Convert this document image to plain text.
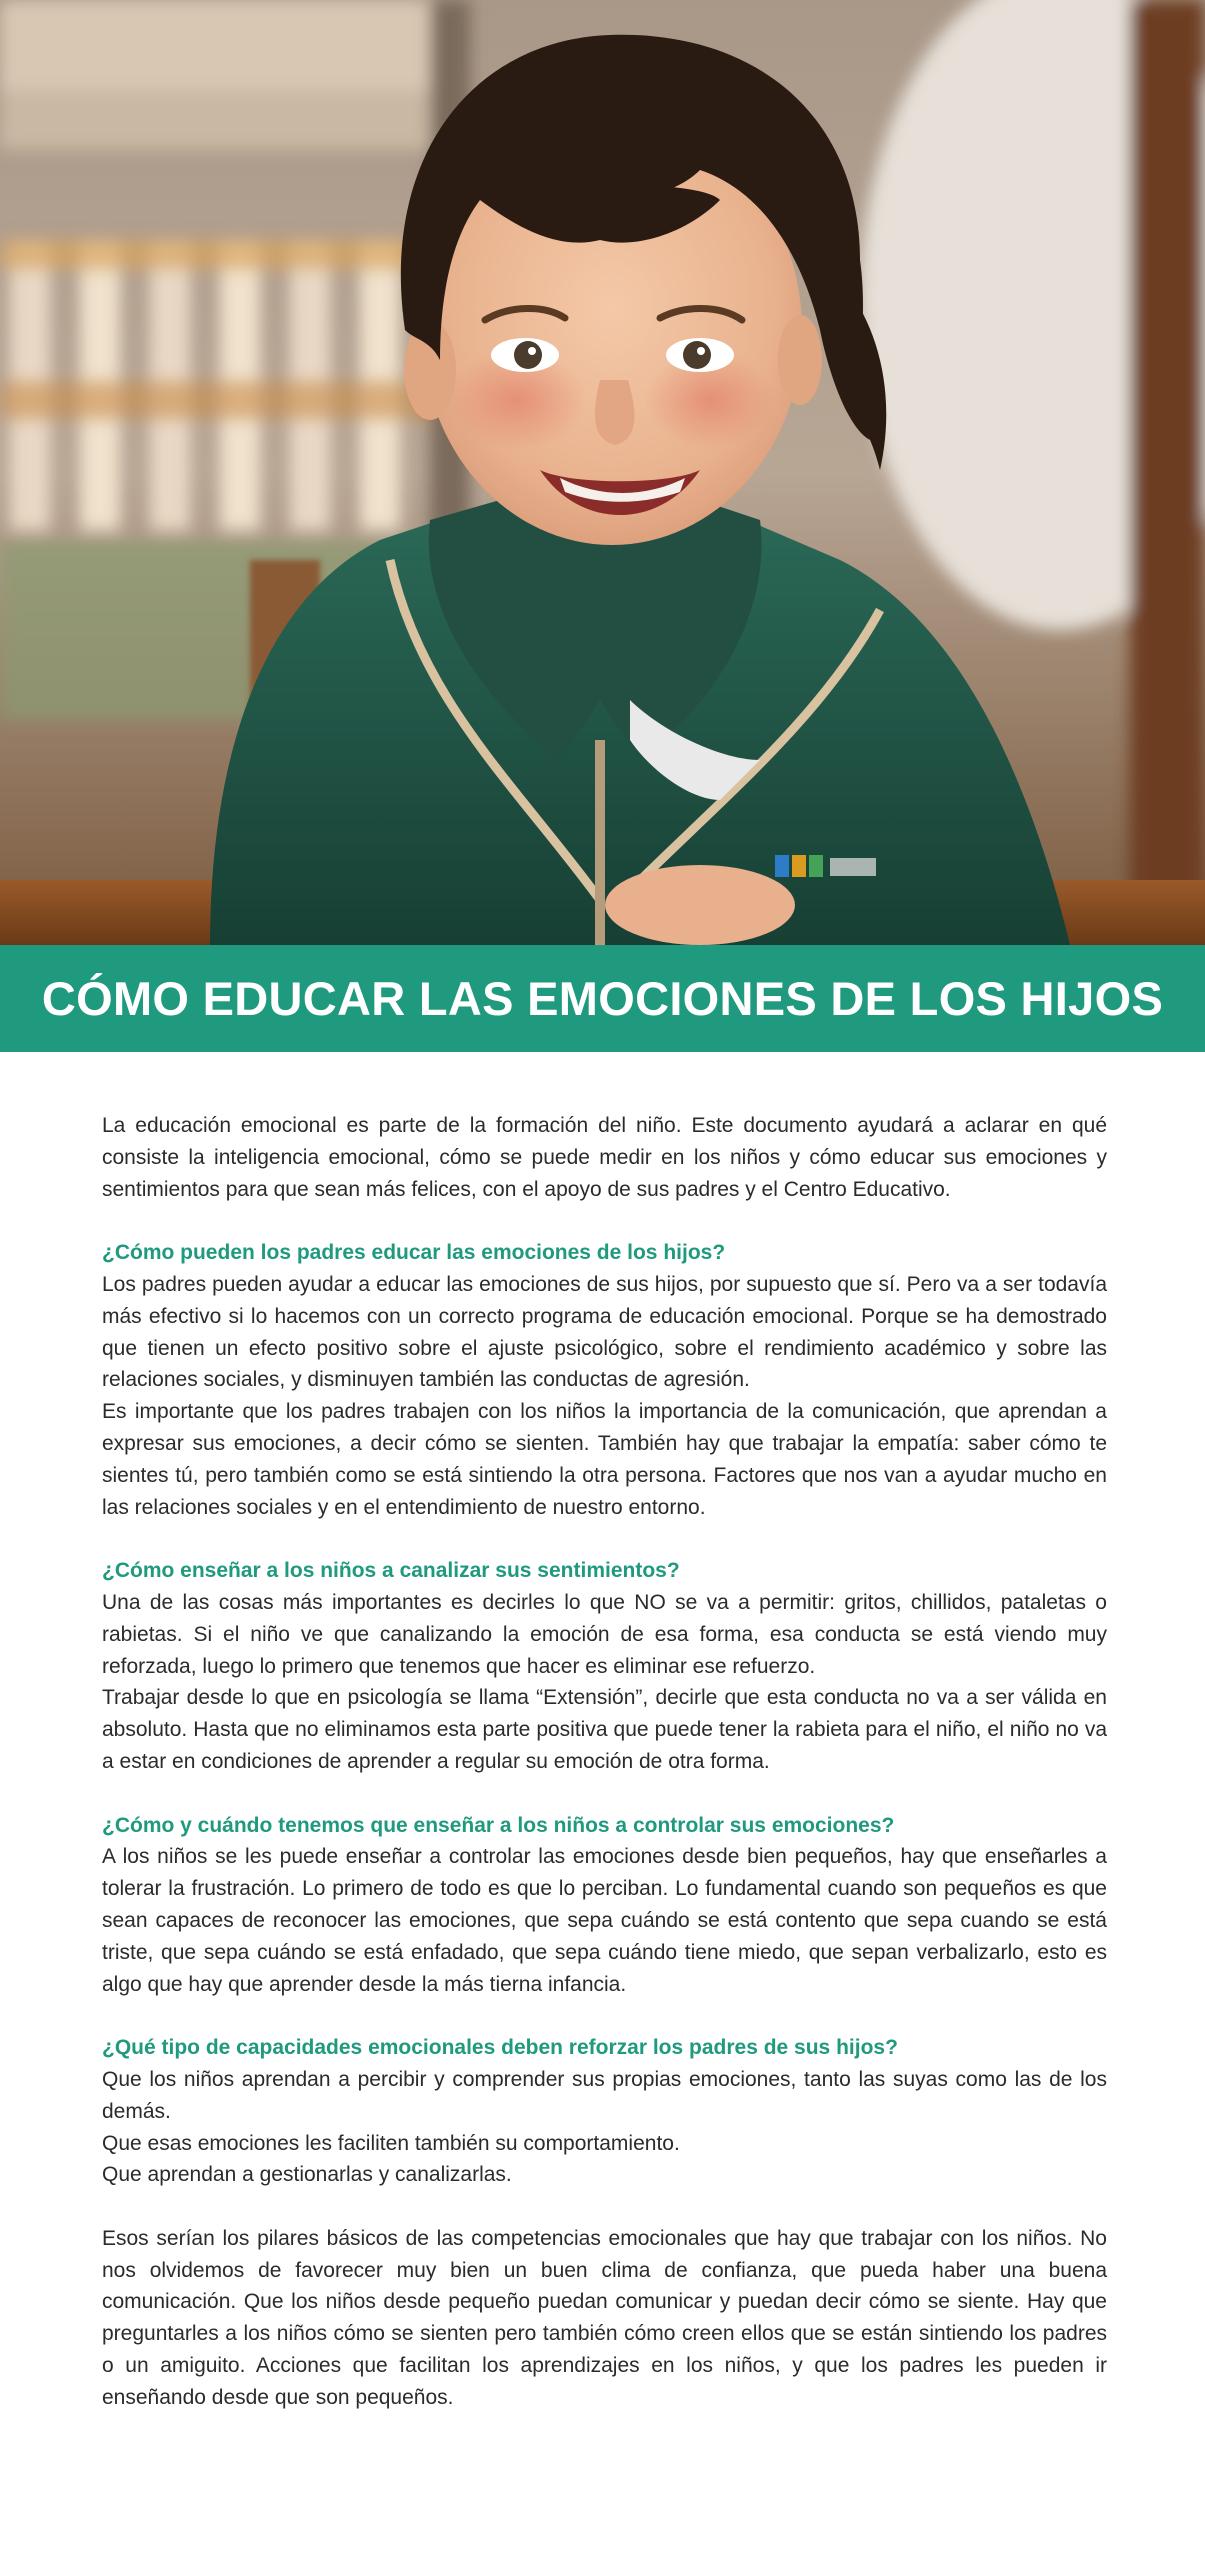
CÓMO EDUCAR LAS EMOCIONES DE LOS HIJOS

La educación emocional es parte de la formación del niño. Este documento ayudará a aclarar en qué consiste la inteligencia emocional, cómo se puede medir en los niños y cómo educar sus emociones y sentimientos para que sean más felices, con el apoyo de sus padres y el Centro Educativo.

¿Cómo pueden los padres educar las emociones de los hijos?

Los padres pueden ayudar a educar las emociones de sus hijos, por supuesto que sí. Pero va a ser todavía más efectivo si lo hacemos con un correcto programa de educación emocional. Porque se ha demostrado que tienen un efecto positivo sobre el ajuste psicológico, sobre el rendimiento académico y sobre las relaciones sociales, y disminuyen también las conductas de agresión.

Es importante que los padres trabajen con los niños la importancia de la comunicación, que aprendan a expresar sus emociones, a decir cómo se sienten. También hay que trabajar la empatía: saber cómo te sientes tú, pero también como se está sintiendo la otra persona. Factores que nos van a ayudar mucho en las relaciones sociales y en el entendimiento de nuestro entorno.

¿Cómo enseñar a los niños a canalizar sus sentimientos?

Una de las cosas más importantes es decirles lo que NO se va a permitir: gritos, chillidos, pataletas o rabietas. Si el niño ve que canalizando la emoción de esa forma, esa conducta se está viendo muy reforzada, luego lo primero que tenemos que hacer es eliminar ese refuerzo.

Trabajar desde lo que en psicología se llama “Extensión”, decirle que esta conducta no va a ser válida en absoluto. Hasta que no eliminamos esta parte positiva que puede tener la rabieta para el niño, el niño no va a estar en condiciones de aprender a regular su emoción de otra forma.

¿Cómo y cuándo tenemos que enseñar a los niños a controlar sus emociones?

A los niños se les puede enseñar a controlar las emociones desde bien pequeños, hay que enseñarles a tolerar la frustración. Lo primero de todo es que lo perciban. Lo fundamental cuando son pequeños es que sean capaces de reconocer las emociones, que sepa cuándo se está contento que sepa cuando se está triste, que sepa cuándo se está enfadado, que sepa cuándo tiene miedo, que sepan verbalizarlo, esto es algo que hay que aprender desde la más tierna infancia.

¿Qué tipo de capacidades emocionales deben reforzar los padres de sus hijos?

Que los niños aprendan a percibir y comprender sus propias emociones, tanto las suyas como las de los demás.

Que esas emociones les faciliten también su comportamiento.

Que aprendan a gestionarlas y canalizarlas.

Esos serían los pilares básicos de las competencias emocionales que hay que trabajar con los niños. No nos olvidemos de favorecer muy bien un buen clima de confianza, que pueda haber una buena comunicación. Que los niños desde pequeño puedan comunicar y puedan decir cómo se siente. Hay que preguntarles a los niños cómo se sienten pero también cómo creen ellos que se están sintiendo los padres o un amiguito. Acciones que facilitan los aprendizajes en los niños, y que los padres les pueden ir enseñando desde que son pequeños.
